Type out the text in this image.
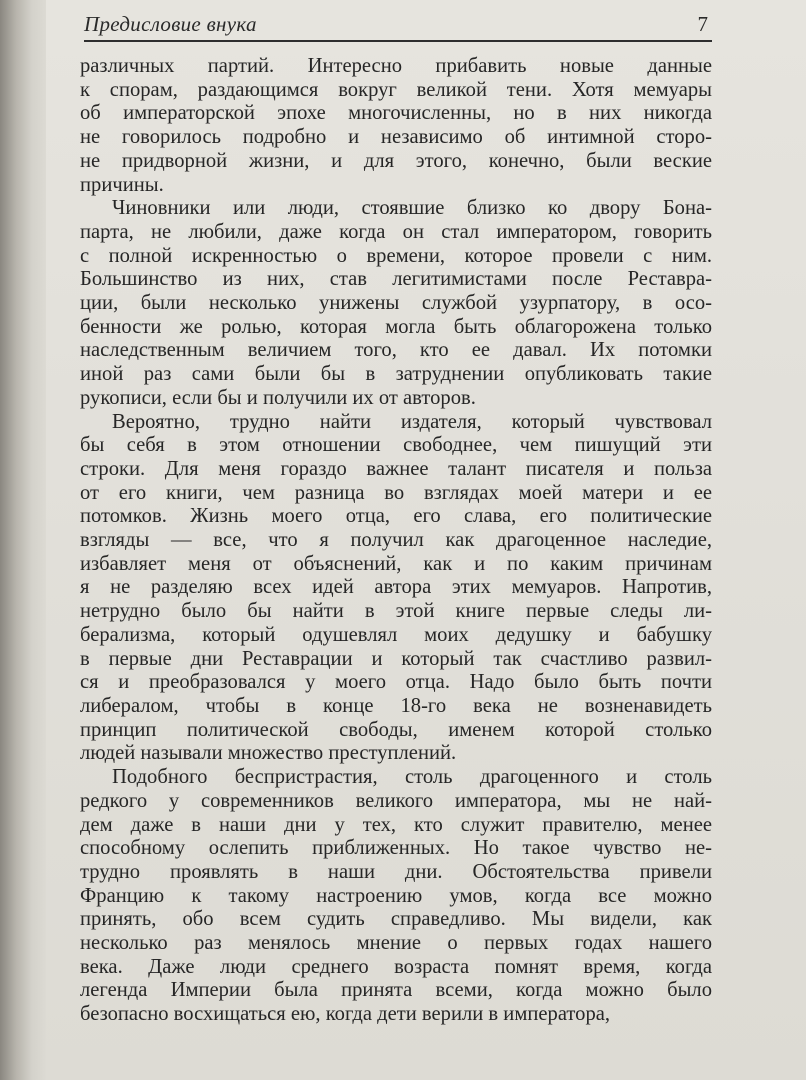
Предисловие внука	7
различных партий. Интересно прибавить новые данные
к спорам, раздающимся вокруг великой тени. Хотя мемуары
об императорской эпохе многочисленны, но в них никогда
не говорилось подробно и независимо об интимной сторо-
не придворной жизни, и для этого, конечно, были веские
причины.
Чиновники или люди, стоявшие близко ко двору Бона-
парта, не любили, даже когда он стал императором, говорить
с полной искренностью о времени, которое провели с ним.
Большинство из них, став легитимистами после Реставра-
ции, были несколько унижены службой узурпатору, в осо-
бенности же ролью, которая могла быть облагорожена только
наследственным величием того, кто ее давал. Их потомки
иной раз сами были бы в затруднении опубликовать такие
рукописи, если бы и получили их от авторов.
Вероятно, трудно найти издателя, который чувствовал
бы себя в этом отношении свободнее, чем пишущий эти
строки. Для меня гораздо важнее талант писателя и польза
от его книги, чем разница во взглядах моей матери и ее
потомков. Жизнь моего отца, его слава, его политические
взгляды — все, что я получил как драгоценное наследие,
избавляет меня от объяснений, как и по каким причинам
я не разделяю всех идей автора этих мемуаров. Напротив,
нетрудно было бы найти в этой книге первые следы ли-
берализма, который одушевлял моих дедушку и бабушку
в первые дни Реставрации и который так счастливо развил-
ся и преобразовался у моего отца. Надо было быть почти
либералом, чтобы в конце 18-го века не возненавидеть
принцип политической свободы, именем которой столько
людей называли множество преступлений.
Подобного беспристрастия, столь драгоценного и столь
редкого у современников великого императора, мы не най-
дем даже в наши дни у тех, кто служит правителю, менее
способному ослепить приближенных. Но такое чувство не-
трудно проявлять в наши дни. Обстоятельства привели
Францию к такому настроению умов, когда все можно
принять, обо всем судить справедливо. Мы видели, как
несколько раз менялось мнение о первых годах нашего
века. Даже люди среднего возраста помнят время, когда
легенда Империи была принята всеми, когда можно было
безопасно восхищаться ею, когда дети верили в императора,
